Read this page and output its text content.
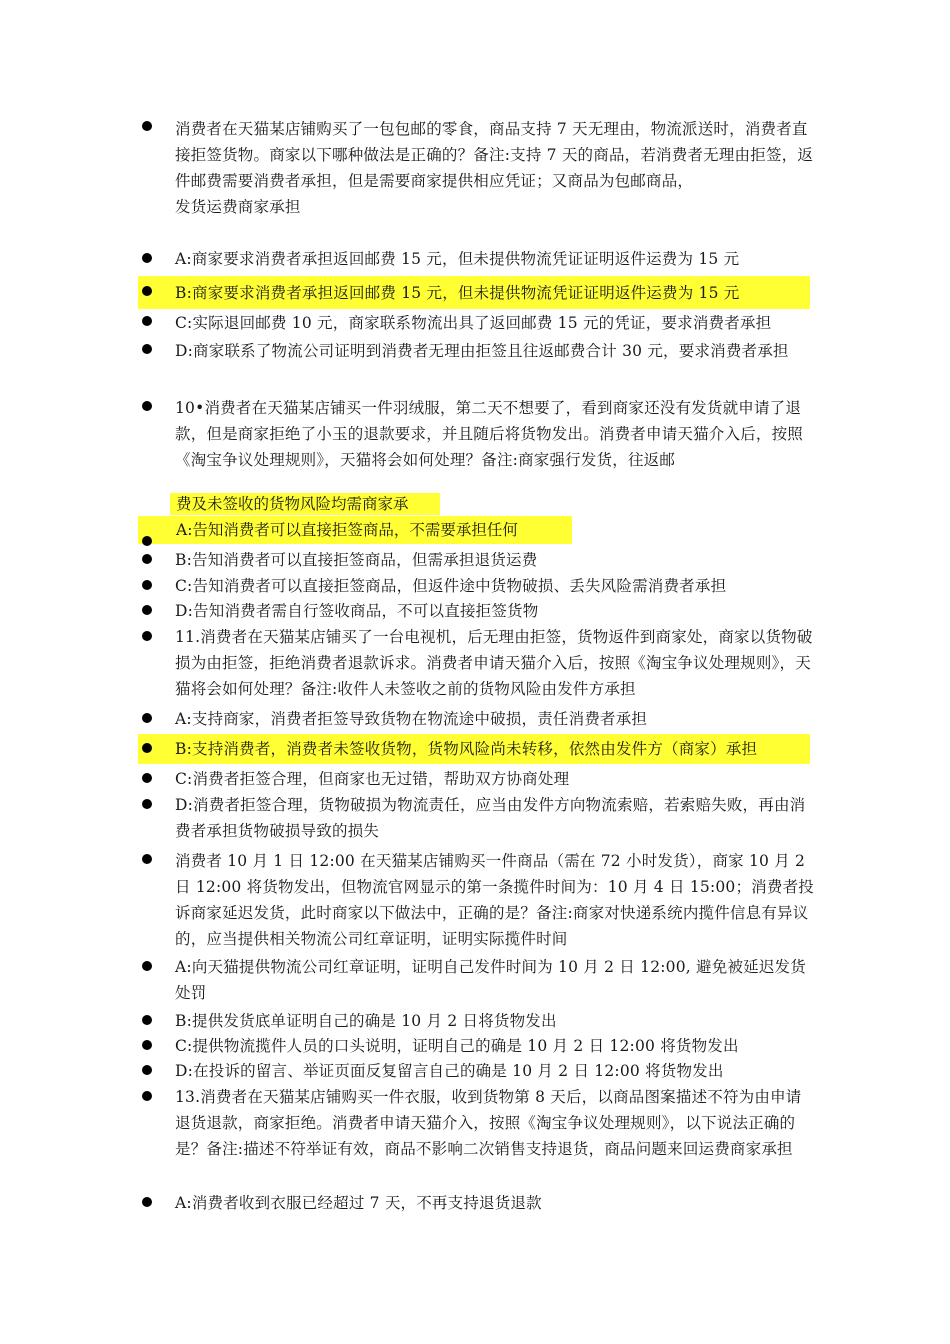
消费者在天猫某店铺购买了一包包邮的零食，商品支持 7 天无理由，物流派送时，消费者直接拒签货物。商家以下哪种做法是正确的？备注:支持 7 天的商品，若消费者无理由拒签，返件邮费需要消费者承担，但是需要商家提供相应凭证；又商品为包邮商品，
发货运费商家承担
A:商家要求消费者承担返回邮费 15 元，但未提供物流凭证证明返件运费为 15 元
B:商家要求消费者承担返回邮费 15 元，但未提供物流凭证证明返件运费为 15 元
C:实际退回邮费 10 元，商家联系物流出具了返回邮费 15 元的凭证，要求消费者承担
D:商家联系了物流公司证明到消费者无理由拒签且往返邮费合计 30 元，要求消费者承担
10•消费者在天猫某店铺买一件羽绒服，第二天不想要了，看到商家还没有发货就申请了退款，但是商家拒绝了小玉的退款要求，并且随后将货物发出。消费者申请天猫介入后，按照《淘宝争议处理规则》，天猫将会如何处理？备注:商家强行发货，往返邮
费及未签收的货物风险均需商家承
A:告知消费者可以直接拒签商品，不需要承担任何
B:告知消费者可以直接拒签商品，但需承担退货运费
C:告知消费者可以直接拒签商品，但返件途中货物破损、丢失风险需消费者承担
D:告知消费者需自行签收商品，不可以直接拒签货物
11.消费者在天猫某店铺买了一台电视机，后无理由拒签，货物返件到商家处，商家以货物破损为由拒签，拒绝消费者退款诉求。消费者申请天猫介入后，按照《淘宝争议处理规则》，天猫将会如何处理？备注:收件人未签收之前的货物风险由发件方承担
A:支持商家，消费者拒签导致货物在物流途中破损，责任消费者承担
B:支持消费者，消费者未签收货物，货物风险尚未转移，依然由发件方（商家）承担
C:消费者拒签合理，但商家也无过错，帮助双方协商处理
D:消费者拒签合理，货物破损为物流责任，应当由发件方向物流索赔，若索赔失败，再由消费者承担货物破损导致的损失
消费者 10 月 1 日 12:00 在天猫某店铺购买一件商品（需在 72 小时发货），商家 10 月 2 日 12:00 将货物发出，但物流官网显示的第一条揽件时间为：10 月 4 日 15:00；消费者投诉商家延迟发货，此时商家以下做法中，正确的是？备注:商家对快递系统内揽件信息有异议的，应当提供相关物流公司红章证明，证明实际揽件时间
A:向天猫提供物流公司红章证明，证明自己发件时间为 10 月 2 日 12:00, 避免被延迟发货处罚
B:提供发货底单证明自己的确是 10 月 2 日将货物发出
C:提供物流揽件人员的口头说明，证明自己的确是 10 月 2 日 12:00 将货物发出
D:在投诉的留言、举证页面反复留言自己的确是 10 月 2 日 12:00 将货物发出
13.消费者在天猫某店铺购买一件衣服，收到货物第 8 天后，以商品图案描述不符为由申请退货退款，商家拒绝。消费者申请天猫介入，按照《淘宝争议处理规则》，以下说法正确的是？备注:描述不符举证有效，商品不影响二次销售支持退货，商品问题来回运费商家承担
A:消费者收到衣服已经超过 7 天，不再支持退货退款
